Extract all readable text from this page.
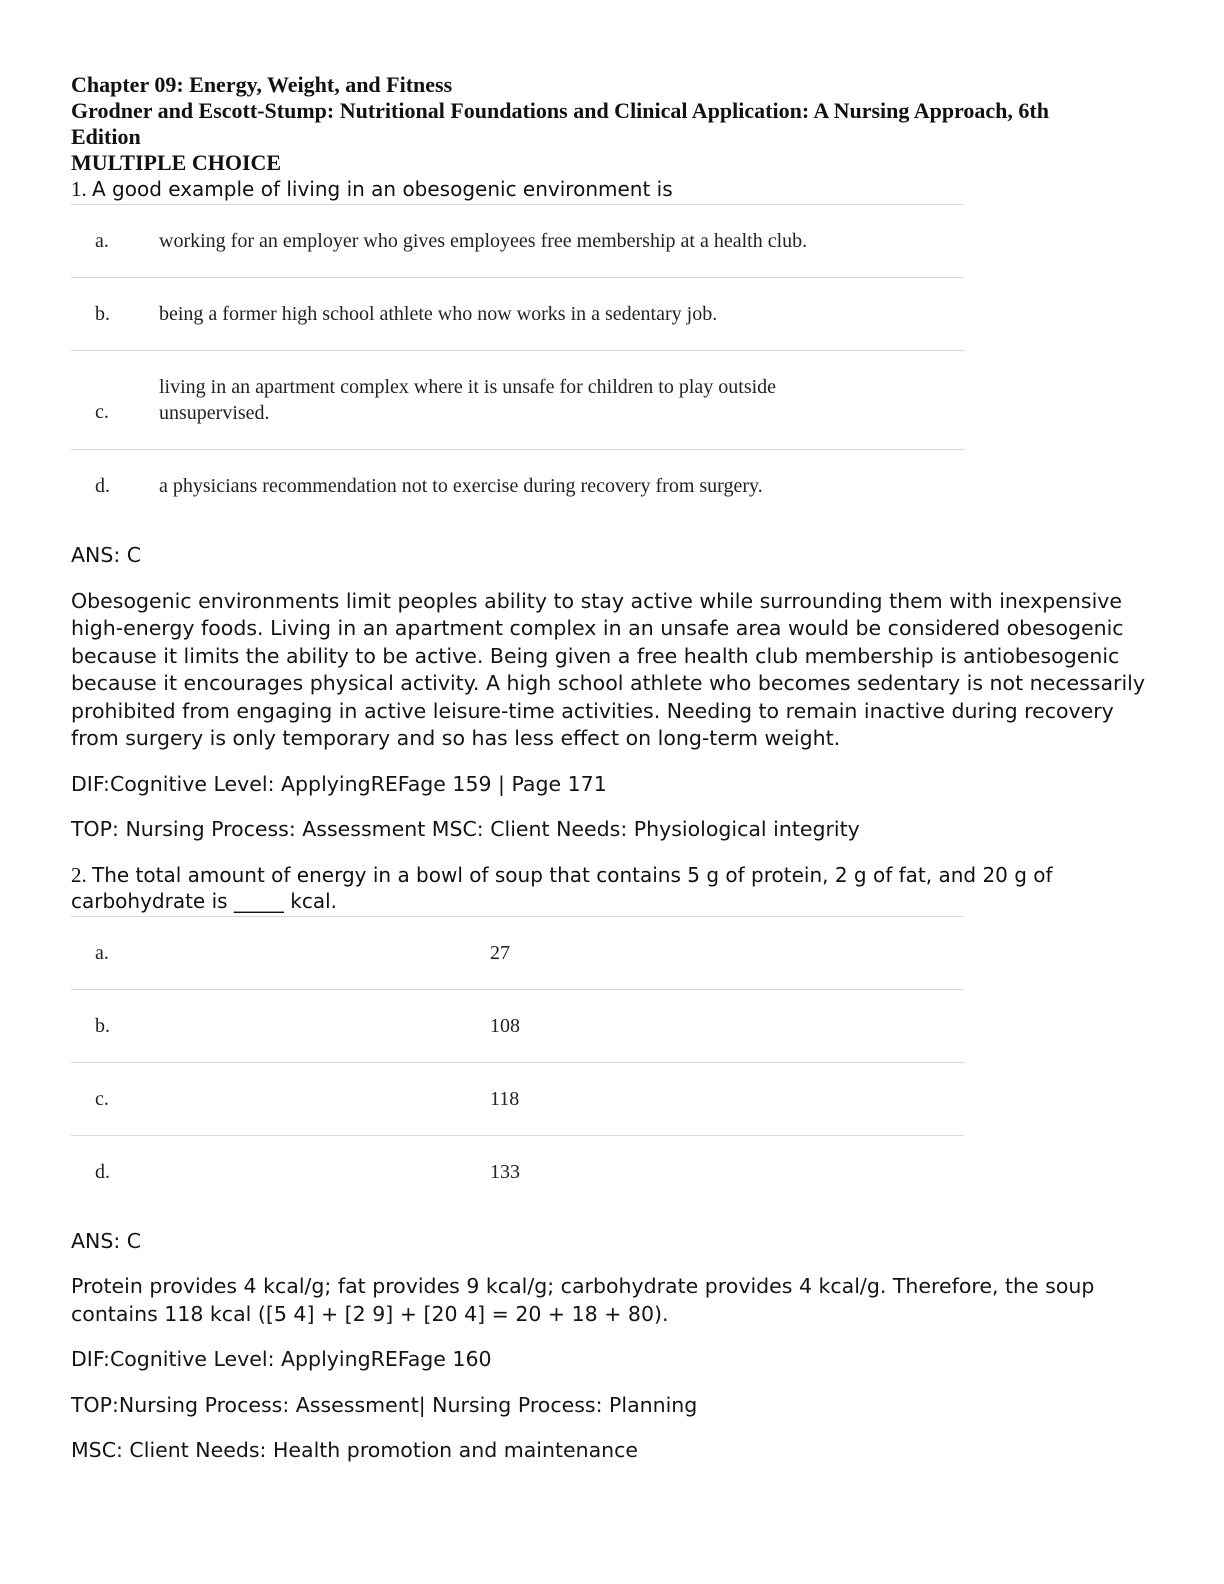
Chapter 09: Energy, Weight, and Fitness

Grodner and Escott-Stump: Nutritional Foundations and Clinical Application: A Nursing Approach, 6th

Edition

MULTIPLE CHOICE

1. A good example of living in an obesogenic environment is

a.	working for an employer who gives employees free membership at a health club.
b.	being a former high school athlete who now works in a sedentary job.
c.
living in an apartment complex where it is unsafe for children to play outside
unsupervised.
d.	a physicians recommendation not to exercise during recovery from surgery.

ANS: C

Obesogenic environments limit peoples ability to stay active while surrounding them with inexpensive high-energy foods. Living in an apartment complex in an unsafe area would be considered obesogenic because it limits the ability to be active. Being given a free health club membership is antiobesogenic because it encourages physical activity. A high school athlete who becomes sedentary is not necessarily prohibited from engaging in active leisure-time activities. Needing to remain inactive during recovery from surgery is only temporary and so has less effect on long-term weight.

DIF:Cognitive Level: ApplyingREFage 159 | Page 171

TOP: Nursing Process: Assessment MSC: Client Needs: Physiological integrity

2. The total amount of energy in a bowl of soup that contains 5 g of protein, 2 g of fat, and 20 g of
carbohydrate is _____ kcal.

a.	27
b.	108
c.	118
d.	133

ANS: C

Protein provides 4 kcal/g; fat provides 9 kcal/g; carbohydrate provides 4 kcal/g. Therefore, the soup contains 118 kcal ([5 4] + [2 9] + [20 4] = 20 + 18 + 80).

DIF:Cognitive Level: ApplyingREFage 160

TOP:Nursing Process: Assessment| Nursing Process: Planning

MSC: Client Needs: Health promotion and maintenance
